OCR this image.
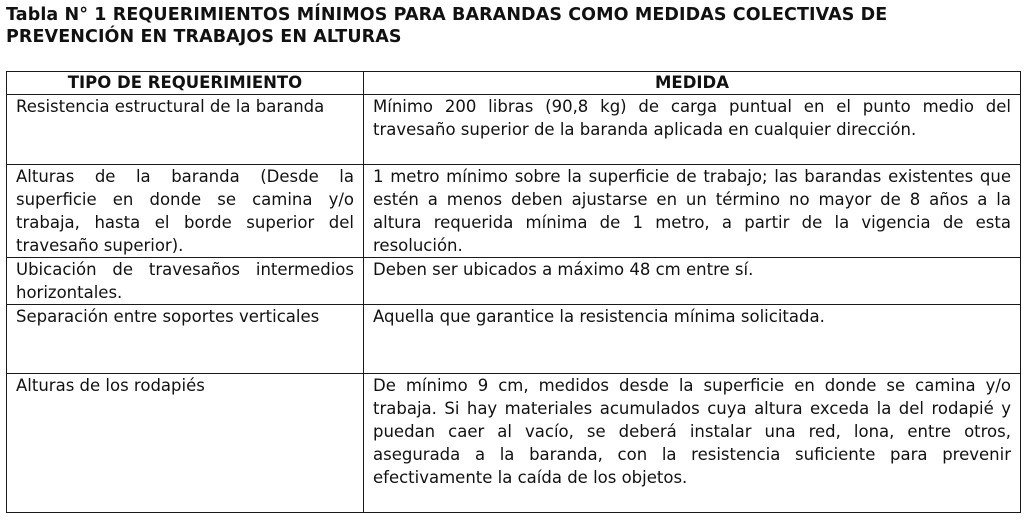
Tabla N° 1 REQUERIMIENTOS MÍNIMOS PARA BARANDAS COMO MEDIDAS COLECTIVAS DE
PREVENCIÓN EN TRABAJOS EN ALTURAS
TIPO DE REQUERIMIENTO	MEDIDA
Resistencia estructural de la baranda	Mínimo 200 libras (90,8 kg) de carga puntual en el punto medio del travesaño superior de la baranda aplicada en cualquier dirección.
Alturas de la baranda (Desde la superficie en donde se camina y/o trabaja, hasta el borde superior del travesaño superior).	1 metro mínimo sobre la superficie de trabajo; las barandas existentes que estén a menos deben ajustarse en un término no mayor de 8 años a la altura requerida mínima de 1 metro, a partir de la vigencia de esta resolución.
Ubicación de travesaños intermedios horizontales.	Deben ser ubicados a máximo 48 cm entre sí.
Separación entre soportes verticales	Aquella que garantice la resistencia mínima solicitada.
Alturas de los rodapiés	De mínimo 9 cm, medidos desde la superficie en donde se camina y/o trabaja. Si hay materiales acumulados cuya altura exceda la del rodapié y puedan caer al vacío, se deberá instalar una red, lona, entre otros, asegurada a la baranda, con la resistencia suficiente para prevenir efectivamente la caída de los objetos.
